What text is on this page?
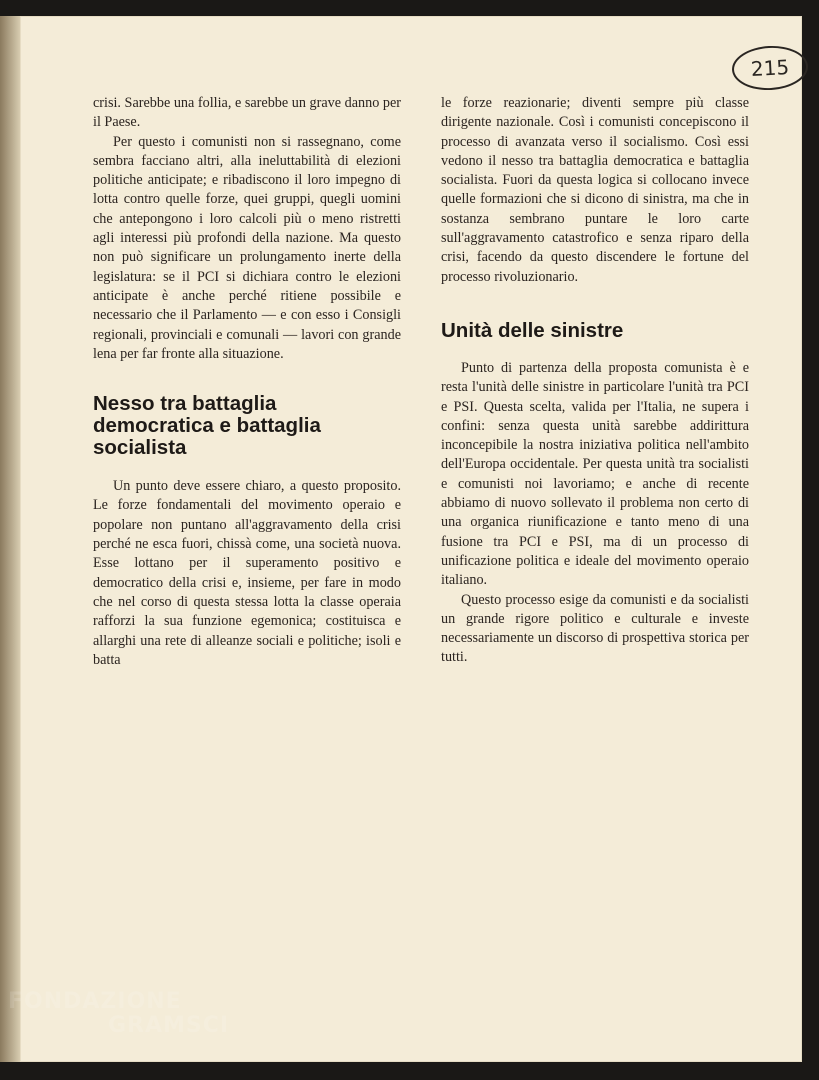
215

crisi. Sarebbe una follia, e sarebbe un grave danno per il Paese.

Per questo i comunisti non si rassegnano, come sembra facciano altri, alla ineluttabilità di elezioni politiche anticipate; e ribadiscono il loro impegno di lotta contro quelle forze, quei gruppi, quegli uomini che antepongono i loro calcoli più o meno ristretti agli interessi più profondi della nazione. Ma questo non può significare un prolungamento inerte della legislatura: se il PCI si dichiara contro le elezioni anticipate è anche perché ritiene possibile e necessario che il Parlamento — e con esso i Consigli regionali, provinciali e comunali — lavori con grande lena per far fronte alla situazione.

Nesso tra battaglia democratica e battaglia socialista

Un punto deve essere chiaro, a questo proposito. Le forze fondamentali del movimento operaio e popolare non puntano all'aggravamento della crisi perché ne esca fuori, chissà come, una società nuova. Esse lottano per il superamento positivo e democratico della crisi e, insieme, per fare in modo che nel corso di questa stessa lotta la classe operaia rafforzi la sua funzione egemonica; costituisca e allarghi una rete di alleanze sociali e politiche; isoli e batta

le forze reazionarie; diventi sempre più classe dirigente nazionale. Così i comunisti concepiscono il processo di avanzata verso il socialismo. Così essi vedono il nesso tra battaglia democratica e battaglia socialista. Fuori da questa logica si collocano invece quelle formazioni che si dicono di sinistra, ma che in sostanza sembrano puntare le loro carte sull'aggravamento catastrofico e senza riparo della crisi, facendo da questo discendere le fortune del processo rivoluzionario.

Unità delle sinistre

Punto di partenza della proposta comunista è e resta l'unità delle sinistre in particolare l'unità tra PCI e PSI. Questa scelta, valida per l'Italia, ne supera i confini: senza questa unità sarebbe addirittura inconcepibile la nostra iniziativa politica nell'ambito dell'Europa occidentale. Per questa unità tra socialisti e comunisti noi lavoriamo; e anche di recente abbiamo di nuovo sollevato il problema non certo di una organica riunificazione e tanto meno di una fusione tra PCI e PSI, ma di un processo di unificazione politica e ideale del movimento operaio italiano.

Questo processo esige da comunisti e da socialisti un grande rigore politico e culturale e investe necessariamente un discorso di prospettiva storica per tutti.

FONDAZIONE
GRAMSCI
